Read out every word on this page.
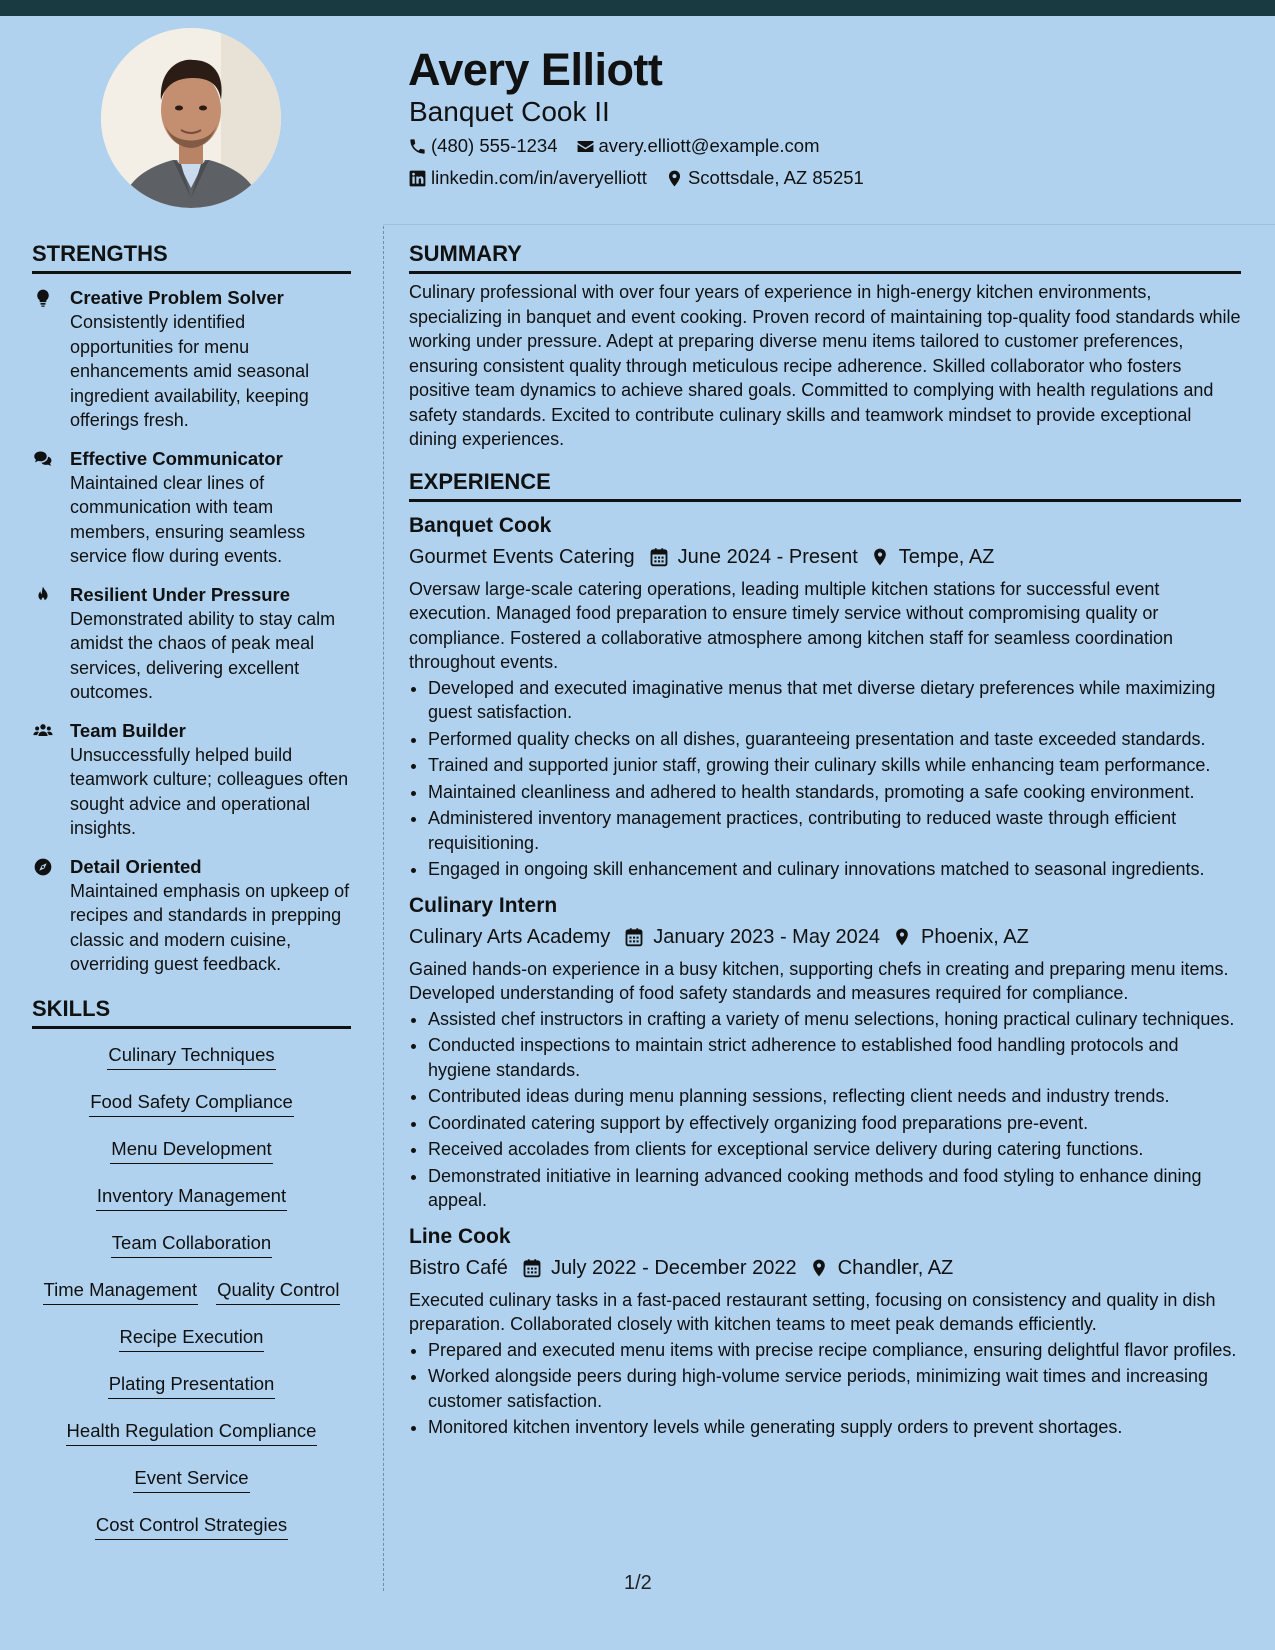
Avery Elliott
Banquet Cook II
(480) 555-1234 avery.elliott@example.com
linkedin.com/in/averyelliott Scottsdale, AZ 85251
STRENGTHS
Creative Problem Solver
Consistently identified opportunities for menu enhancements amid seasonal ingredient availability, keeping offerings fresh.
Effective Communicator
Maintained clear lines of communication with team members, ensuring seamless service flow during events.
Resilient Under Pressure
Demonstrated ability to stay calm amidst the chaos of peak meal services, delivering excellent outcomes.
Team Builder
Unsuccessfully helped build teamwork culture; colleagues often sought advice and operational insights.
Detail Oriented
Maintained emphasis on upkeep of recipes and standards in prepping classic and modern cuisine, overriding guest feedback.
SKILLS
Culinary Techniques
Food Safety Compliance
Menu Development
Inventory Management
Team Collaboration
Time Management Quality Control
Recipe Execution
Plating Presentation
Health Regulation Compliance
Event Service
Cost Control Strategies
SUMMARY

Culinary professional with over four years of experience in high-energy kitchen environments, specializing in banquet and event cooking. Proven record of maintaining top-quality food standards while working under pressure. Adept at preparing diverse menu items tailored to customer preferences, ensuring consistent quality through meticulous recipe adherence. Skilled collaborator who fosters positive team dynamics to achieve shared goals. Committed to complying with health regulations and safety standards. Excited to contribute culinary skills and teamwork mindset to provide exceptional dining experiences.

EXPERIENCE
Banquet Cook
Gourmet Events Catering June 2024 - Present Tempe, AZ

Oversaw large-scale catering operations, leading multiple kitchen stations for successful event execution. Managed food preparation to ensure timely service without compromising quality or compliance. Fostered a collaborative atmosphere among kitchen staff for seamless coordination throughout events.

• Developed and executed imaginative menus that met diverse dietary preferences while maximizing guest satisfaction.
• Performed quality checks on all dishes, guaranteeing presentation and taste exceeded standards.
• Trained and supported junior staff, growing their culinary skills while enhancing team performance.
• Maintained cleanliness and adhered to health standards, promoting a safe cooking environment.
• Administered inventory management practices, contributing to reduced waste through efficient requisitioning.
• Engaged in ongoing skill enhancement and culinary innovations matched to seasonal ingredients.
Culinary Intern
Culinary Arts Academy January 2023 - May 2024 Phoenix, AZ

Gained hands-on experience in a busy kitchen, supporting chefs in creating and preparing menu items. Developed understanding of food safety standards and measures required for compliance.

• Assisted chef instructors in crafting a variety of menu selections, honing practical culinary techniques.
• Conducted inspections to maintain strict adherence to established food handling protocols and hygiene standards.
• Contributed ideas during menu planning sessions, reflecting client needs and industry trends.
• Coordinated catering support by effectively organizing food preparations pre-event.
• Received accolades from clients for exceptional service delivery during catering functions.
• Demonstrated initiative in learning advanced cooking methods and food styling to enhance dining appeal.
Line Cook
Bistro Café July 2022 - December 2022 Chandler, AZ

Executed culinary tasks in a fast-paced restaurant setting, focusing on consistency and quality in dish preparation. Collaborated closely with kitchen teams to meet peak demands efficiently.

• Prepared and executed menu items with precise recipe compliance, ensuring delightful flavor profiles.
• Worked alongside peers during high-volume service periods, minimizing wait times and increasing customer satisfaction.
• Monitored kitchen inventory levels while generating supply orders to prevent shortages.
1/2
